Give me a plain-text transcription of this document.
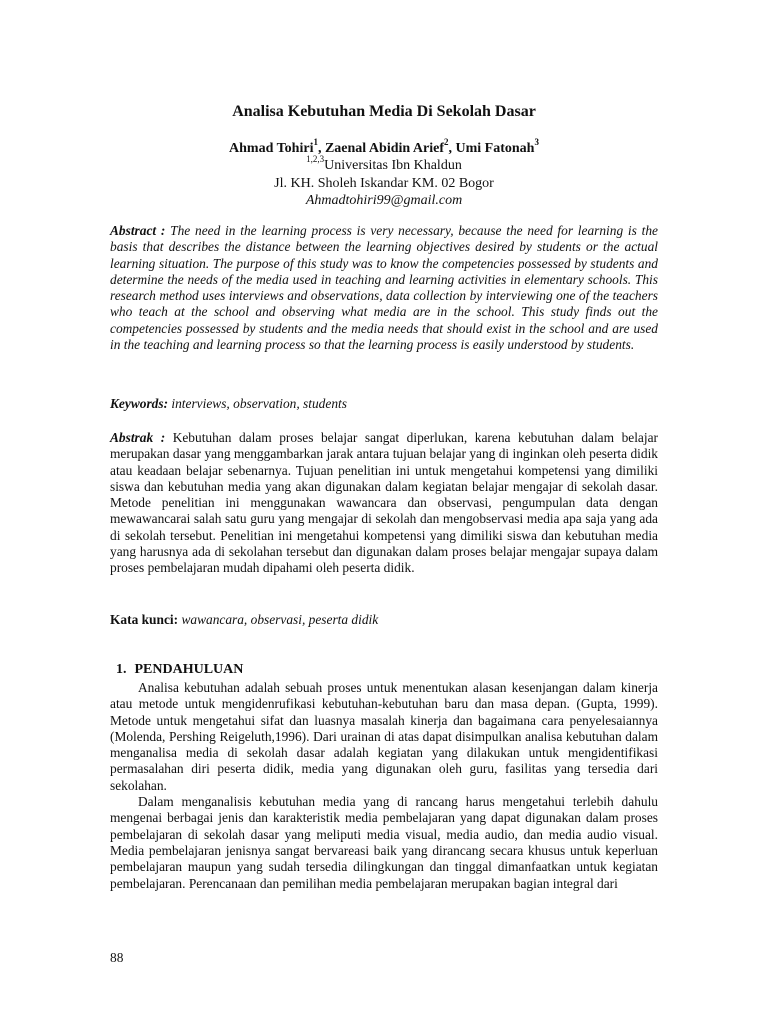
Analisa Kebutuhan Media Di Sekolah Dasar
Ahmad Tohiri$^1$, Zaenal Abidin Arief$^2$, Umi Fatonah$^3$
$^{1,2,3}$Universitas Ibn Khaldun
Jl. KH. Sholeh Iskandar KM. 02 Bogor
Ahmadtohiri99@gmail.com

Abstract : The need in the learning process is very necessary, because the need for learning is the basis that describes the distance between the learning objectives desired by students or the actual learning situation. The purpose of this study was to know the competencies possessed by students and determine the needs of the media used in teaching and learning activities in elementary schools. This research method uses interviews and observations, data collection by interviewing one of the teachers who teach at the school and observing what media are in the school. This study finds out the competencies possessed by students and the media needs that should exist in the school and are used in the teaching and learning process so that the learning process is easily understood by students.

Keywords: interviews, observation, students

Abstrak : Kebutuhan dalam proses belajar sangat diperlukan, karena kebutuhan dalam belajar merupakan dasar yang menggambarkan jarak antara tujuan belajar yang di inginkan oleh peserta didik atau keadaan belajar sebenarnya. Tujuan penelitian ini untuk mengetahui kompetensi yang dimiliki siswa dan kebutuhan media yang akan digunakan dalam kegiatan belajar mengajar di sekolah dasar. Metode penelitian ini menggunakan wawancara dan observasi, pengumpulan data dengan mewawancarai salah satu guru yang mengajar di sekolah dan mengobservasi media apa saja yang ada di sekolah tersebut. Penelitian ini mengetahui kompetensi yang dimiliki siswa dan kebutuhan media yang harusnya ada di sekolahan tersebut dan digunakan dalam proses belajar mengajar supaya dalam proses pembelajaran mudah dipahami oleh peserta didik.

Kata kunci: wawancara, observasi, peserta didik

1. PENDAHULUAN

Analisa kebutuhan adalah sebuah proses untuk menentukan alasan kesenjangan dalam kinerja atau metode untuk mengidenrufikasi kebutuhan-kebutuhan baru dan masa depan. (Gupta, 1999). Metode untuk mengetahui sifat dan luasnya masalah kinerja dan bagaimana cara penyelesaiannya (Molenda, Pershing Reigeluth,1996). Dari urainan di atas dapat disimpulkan analisa kebutuhan dalam menganalisa media di sekolah dasar adalah kegiatan yang dilakukan untuk mengidentifikasi permasalahan diri peserta didik, media yang digunakan oleh guru, fasilitas yang tersedia dari sekolahan.

Dalam menganalisis kebutuhan media yang di rancang harus mengetahui terlebih dahulu mengenai berbagai jenis dan karakteristik media pembelajaran yang dapat digunakan dalam proses pembelajaran di sekolah dasar yang meliputi media visual, media audio, dan media audio visual. Media pembelajaran jenisnya sangat bervareasi baik yang dirancang secara khusus untuk keperluan pembelajaran maupun yang sudah tersedia dilingkungan dan tinggal dimanfaatkan untuk kegiatan pembelajaran. Perencanaan dan pemilihan media pembelajaran merupakan bagian integral dari

88
